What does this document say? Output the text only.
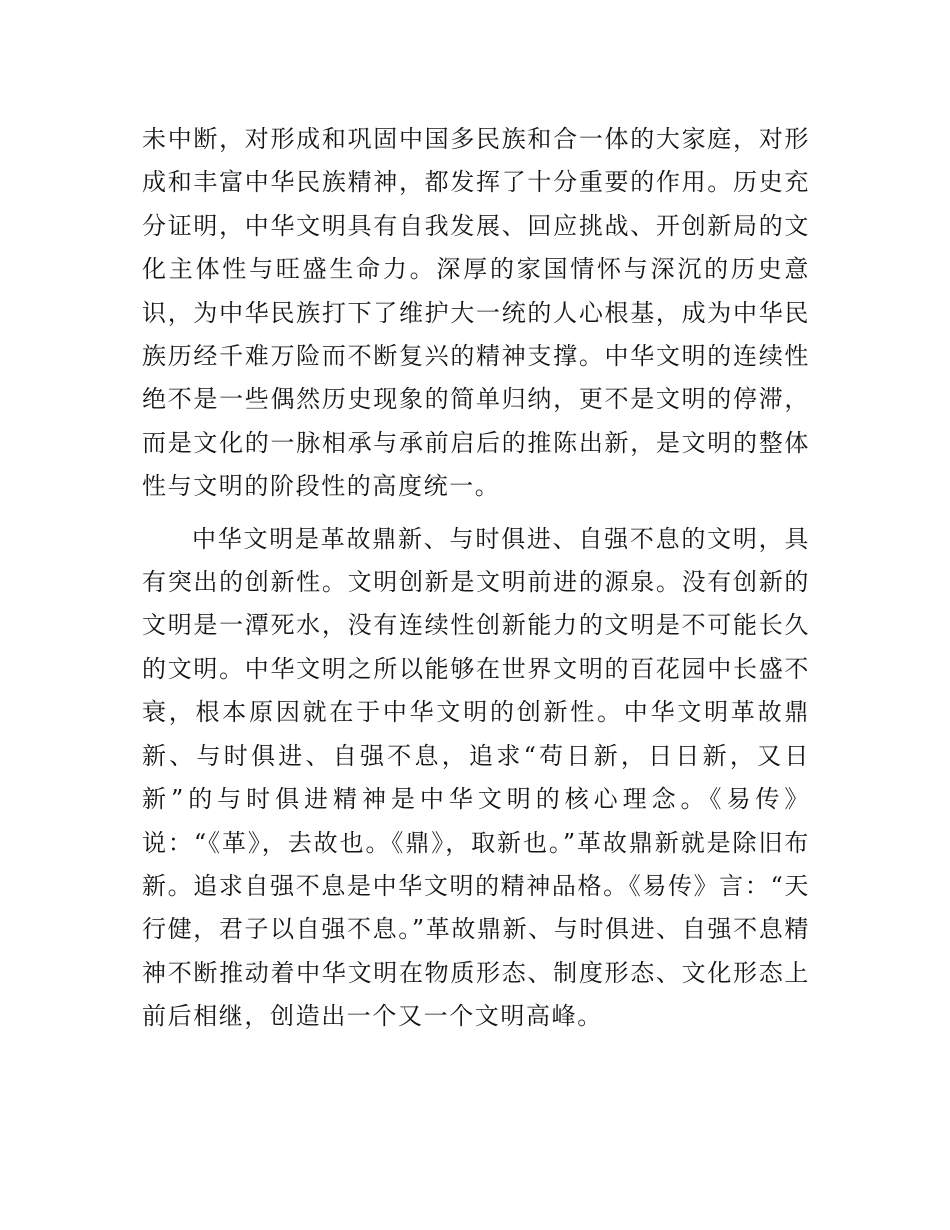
未中断，对形成和巩固中国多民族和合一体的大家庭，对形成和丰富中华民族精神，都发挥了十分重要的作用。历史充分证明，中华文明具有自我发展、回应挑战、开创新局的文化主体性与旺盛生命力。深厚的家国情怀与深沉的历史意识，为中华民族打下了维护大一统的人心根基，成为中华民族历经千难万险而不断复兴的精神支撑。中华文明的连续性绝不是一些偶然历史现象的简单归纳，更不是文明的停滞，而是文化的一脉相承与承前启后的推陈出新，是文明的整体性与文明的阶段性的高度统一。

中华文明是革故鼎新、与时俱进、自强不息的文明，具有突出的创新性。文明创新是文明前进的源泉。没有创新的文明是一潭死水，没有连续性创新能力的文明是不可能长久的文明。中华文明之所以能够在世界文明的百花园中长盛不衰，根本原因就在于中华文明的创新性。中华文明革故鼎新、与时俱进、自强不息，追求“苟日新，日日新，又日新”的与时俱进精神是中华文明的核心理念。《易传》说：“《革》，去故也。《鼎》，取新也。”革故鼎新就是除旧布新。追求自强不息是中华文明的精神品格。《易传》言：“天行健，君子以自强不息。”革故鼎新、与时俱进、自强不息精神不断推动着中华文明在物质形态、制度形态、文化形态上前后相继，创造出一个又一个文明高峰。
